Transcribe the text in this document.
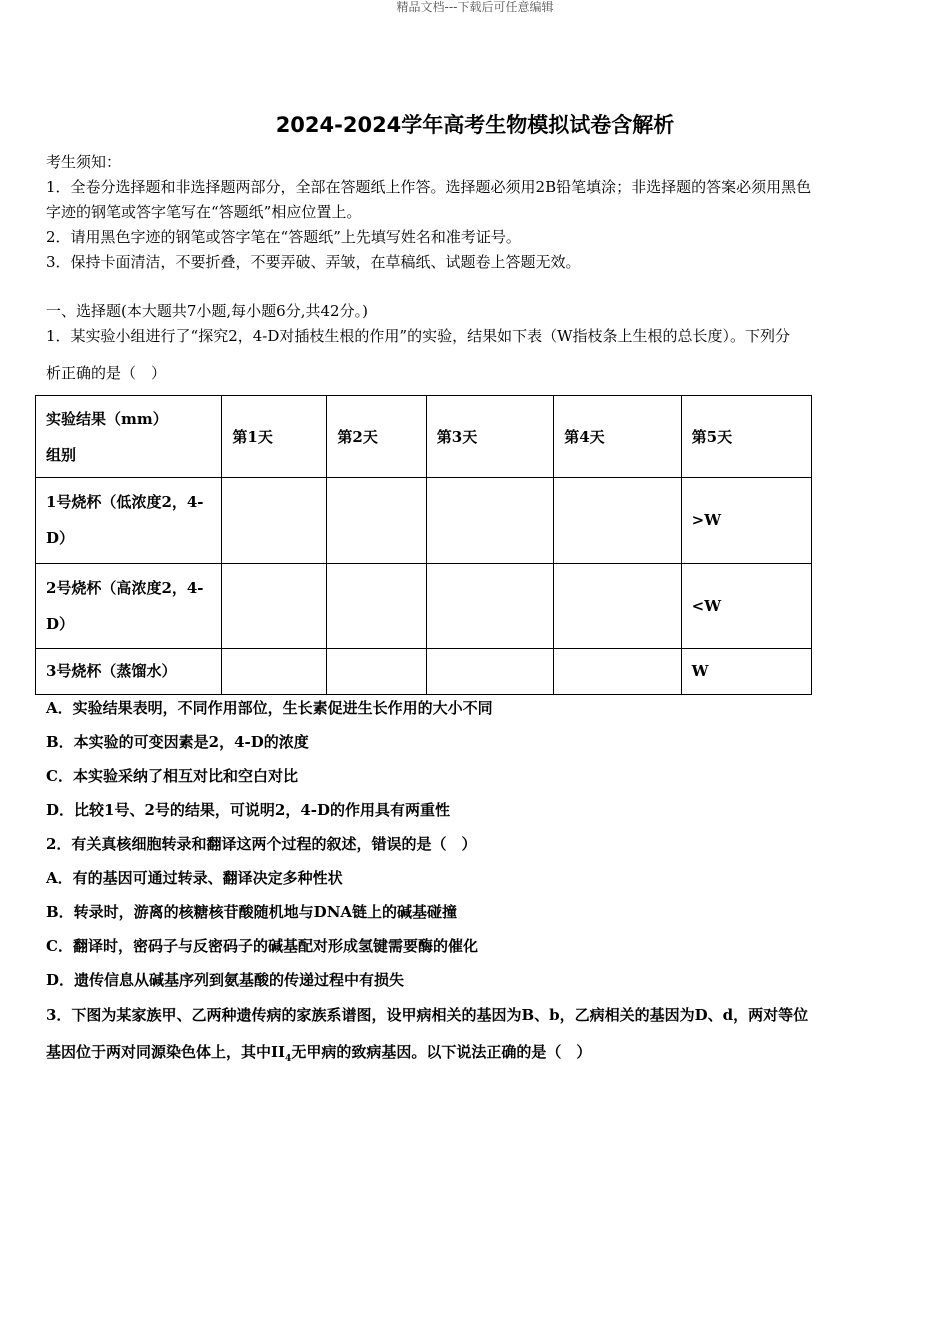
精品文档---下载后可任意编辑
2024-2024学年高考生物模拟试卷含解析
考生须知：
1．全卷分选择题和非选择题两部分，全部在答题纸上作答。选择题必须用2B铅笔填涂；非选择题的答案必须用黑色
字迹的钢笔或答字笔写在“答题纸”相应位置上。
2．请用黑色字迹的钢笔或答字笔在“答题纸”上先填写姓名和准考证号。
3．保持卡面清洁，不要折叠，不要弄破、弄皱，在草稿纸、试题卷上答题无效。
一、选择题(本大题共7小题,每小题6分,共42分。)
1．某实验小组进行了“探究2，4-D对插枝生根的作用”的实验，结果如下表（W指枝条上生根的总长度）。下列分
析正确的是（　）
实验结果（mm）
组别	第1天	第2天	第3天	第4天	第5天

1号烧杯（低浓度2，4-
D）					>W

2号烧杯（高浓度2，4-
D）					<W

3号烧杯（蒸馏水）					W
A．实验结果表明，不同作用部位，生长素促进生长作用的大小不同
B．本实验的可变因素是2，4-D的浓度
C．本实验采纳了相互对比和空白对比
D．比较1号、2号的结果，可说明2，4-D的作用具有两重性
2．有关真核细胞转录和翻译这两个过程的叙述，错误的是（　）
A．有的基因可通过转录、翻译决定多种性状
B．转录时，游离的核糖核苷酸随机地与DNA链上的碱基碰撞
C．翻译时，密码子与反密码子的碱基配对形成氢键需要酶的催化
D．遗传信息从碱基序列到氨基酸的传递过程中有损失
3．下图为某家族甲、乙两种遗传病的家族系谱图，设甲病相关的基因为B、b，乙病相关的基因为D、d，两对等位
基因位于两对同源染色体上，其中$II_4$无甲病的致病基因。以下说法正确的是（　）
